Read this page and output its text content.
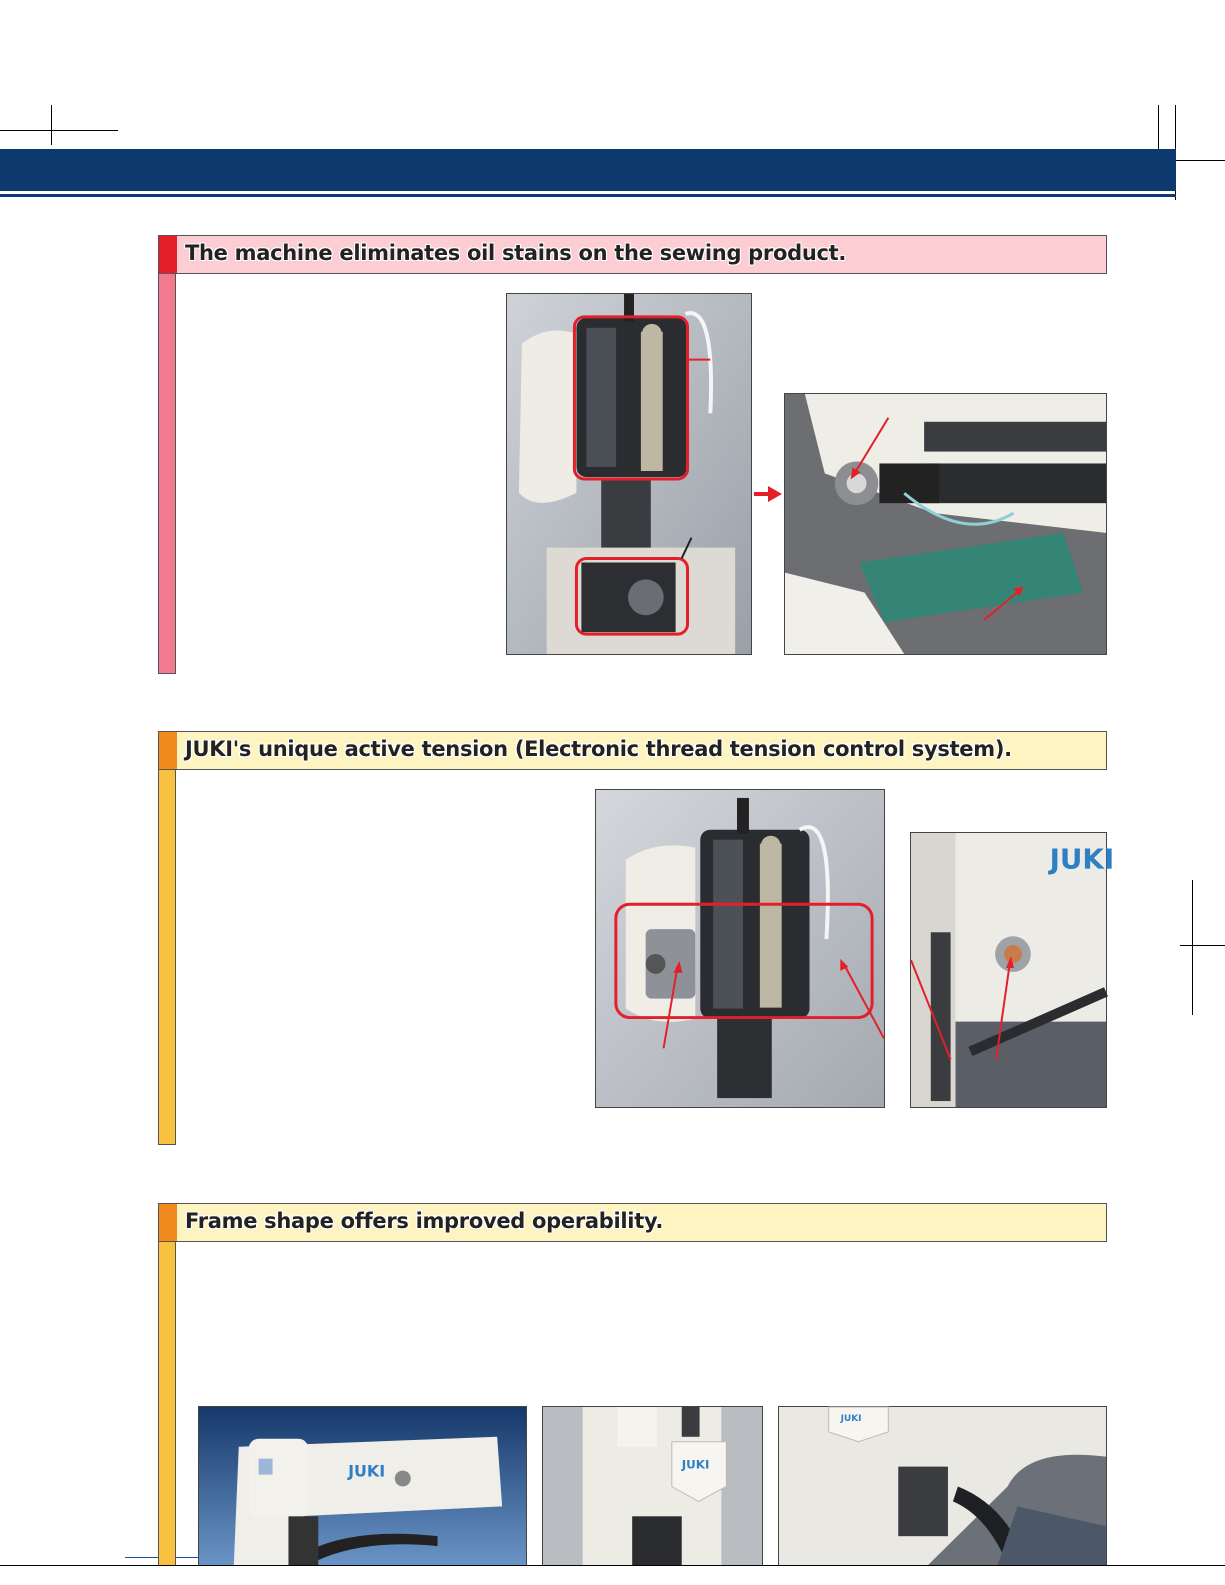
The machine eliminates oil stains on the sewing product.
JUKI's unique active tension (Electronic thread tension control system).
JUKI
Frame shape offers improved operability.
JUKI	JUKI
JUKI
